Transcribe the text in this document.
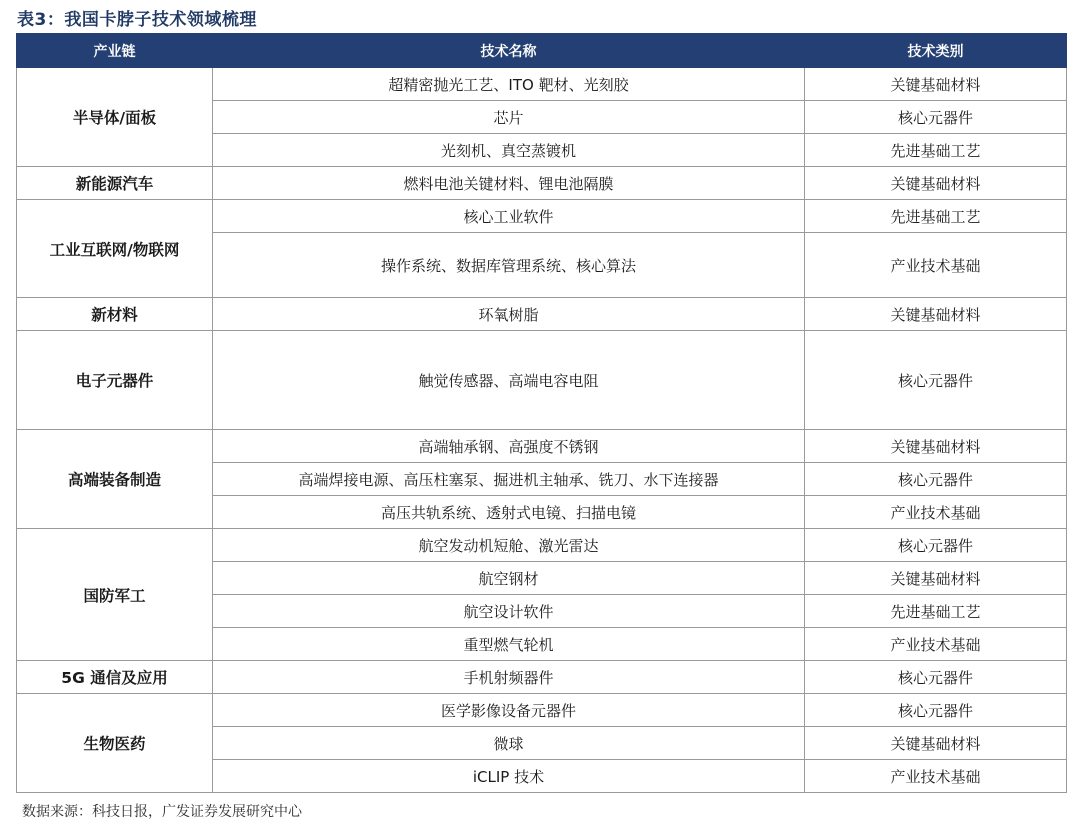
表3：我国卡脖子技术领域梳理
产业链	技术名称	技术类别
半导体/面板	超精密抛光工艺、ITO 靶材、光刻胶	关键基础材料
	芯片	核心元器件
	光刻机、真空蒸镀机	先进基础工艺
新能源汽车	燃料电池关键材料、锂电池隔膜	关键基础材料
工业互联网/物联网	核心工业软件	先进基础工艺
	操作系统、数据库管理系统、核心算法	产业技术基础
新材料	环氧树脂	关键基础材料
电子元器件	触觉传感器、高端电容电阻	核心元器件
高端装备制造	高端轴承钢、高强度不锈钢	关键基础材料
	高端焊接电源、高压柱塞泵、掘进机主轴承、铣刀、水下连接器	核心元器件
	高压共轨系统、透射式电镜、扫描电镜	产业技术基础
国防军工	航空发动机短舱、激光雷达	核心元器件
	航空钢材	关键基础材料
	航空设计软件	先进基础工艺
	重型燃气轮机	产业技术基础
5G 通信及应用	手机射频器件	核心元器件
生物医药	医学影像设备元器件	核心元器件
	微球	关键基础材料
	iCLIP 技术	产业技术基础
数据来源：科技日报，广发证券发展研究中心
